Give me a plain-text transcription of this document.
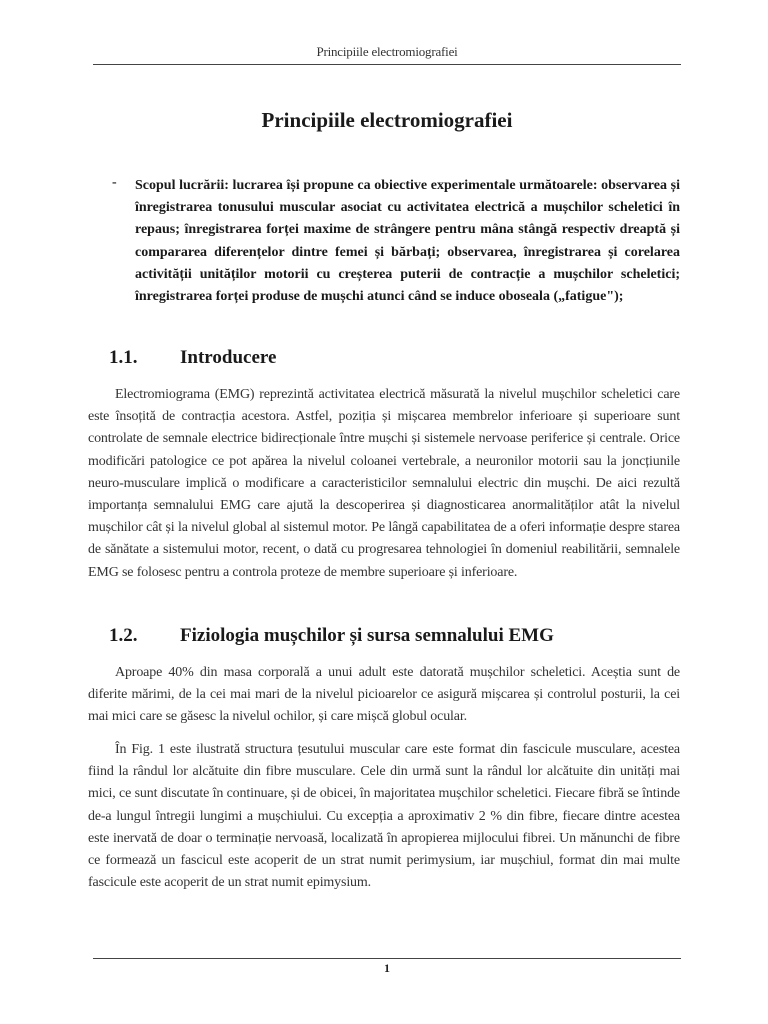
Principiile electromiografiei
Principiile electromiografiei
- Scopul lucrării: lucrarea își propune ca obiective experimentale următoarele: observarea și înregistrarea tonusului muscular asociat cu activitatea electrică a mușchilor scheletici în repaus; înregistrarea forței maxime de strângere pentru mâna stângă respectiv dreaptă și compararea diferențelor dintre femei și bărbați; observarea, înregistrarea și corelarea activității unităților motorii cu creșterea puterii de contracție a mușchilor scheletici; înregistrarea forței produse de mușchi atunci când se induce oboseala („fatigue");
1.1. Introducere

Electromiograma (EMG) reprezintă activitatea electrică măsurată la nivelul mușchilor scheletici care este însoțită de contracția acestora. Astfel, poziția și mișcarea membrelor inferioare și superioare sunt controlate de semnale electrice bidirecționale între mușchi și sistemele nervoase periferice și centrale. Orice modificări patologice ce pot apărea la nivelul coloanei vertebrale, a neuronilor motorii sau la joncțiunile neuro-musculare implică o modificare a caracteristicilor semnalului electric din mușchi. De aici rezultă importanța semnalului EMG care ajută la descoperirea și diagnosticarea anormalităților atât la nivelul mușchilor cât și la nivelul global al sistemul motor. Pe lângă capabilitatea de a oferi informație despre starea de sănătate a sistemului motor, recent, o dată cu progresarea tehnologiei în domeniul reabilitării, semnalele EMG se folosesc pentru a controla proteze de membre superioare și inferioare.

1.2. Fiziologia mușchilor și sursa semnalului EMG

Aproape 40% din masa corporală a unui adult este datorată mușchilor scheletici. Aceștia sunt de diferite mărimi, de la cei mai mari de la nivelul picioarelor ce asigură mișcarea și controlul posturii, la cei mai mici care se găsesc la nivelul ochilor, și care mișcă globul ocular.

În Fig. 1 este ilustrată structura țesutului muscular care este format din fascicule musculare, acestea fiind la rândul lor alcătuite din fibre musculare. Cele din urmă sunt la rândul lor alcătuite din unități mai mici, ce sunt discutate în continuare, și de obicei, în majoritatea mușchilor scheletici. Fiecare fibră se întinde de-a lungul întregii lungimi a mușchiului. Cu excepția a aproximativ 2 % din fibre, fiecare dintre acestea este inervată de doar o terminație nervoasă, localizată în apropierea mijlocului fibrei. Un mănunchi de fibre ce formează un fascicul este acoperit de un strat numit perimysium, iar mușchiul, format din mai multe fascicule este acoperit de un strat numit epimysium.

1
